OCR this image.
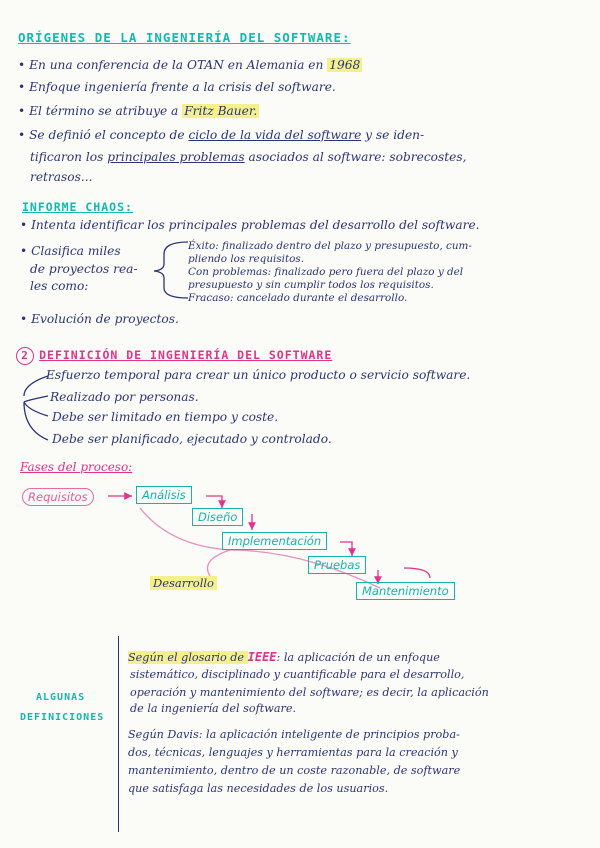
ORÍGENES DE LA INGENIERÍA DEL SOFTWARE:
• En una conferencia de la OTAN en Alemania en 1968
• Enfoque ingeniería frente a la crisis del software.
• El término se atribuye a Fritz Bauer.
• Se definió el concepto de ciclo de la vida del software y se iden-
tificaron los principales problemas asociados al software: sobrecostes,
retrasos...
INFORME CHAOS:
• Intenta identificar los principales problemas del desarrollo del software.
• Clasifica miles
de proyectos rea-
les como:
Éxito: finalizado dentro del plazo y presupuesto, cum-
pliendo los requisitos.
Con problemas: finalizado pero fuera del plazo y del
presupuesto y sin cumplir todos los requisitos.
Fracaso: cancelado durante el desarrollo.
• Evolución de proyectos.
2 DEFINICIÓN DE INGENIERÍA DEL SOFTWARE
Esfuerzo temporal para crear un único producto o servicio software.
Realizado por personas.
Debe ser limitado en tiempo y coste.
Debe ser planificado, ejecutado y controlado.
Fases del proceso:
Requisitos	Análisis
Diseño
Implementación
Pruebas
Mantenimiento
Desarrollo
ALGUNAS
DEFINICIONES
Según el glosario de IEEE: la aplicación de un enfoque
sistemático, disciplinado y cuantificable para el desarrollo,
operación y mantenimiento del software; es decir, la aplicación
de la ingeniería del software.
Según Davis: la aplicación inteligente de principios proba-
dos, técnicas, lenguajes y herramientas para la creación y
mantenimiento, dentro de un coste razonable, de software
que satisfaga las necesidades de los usuarios.
